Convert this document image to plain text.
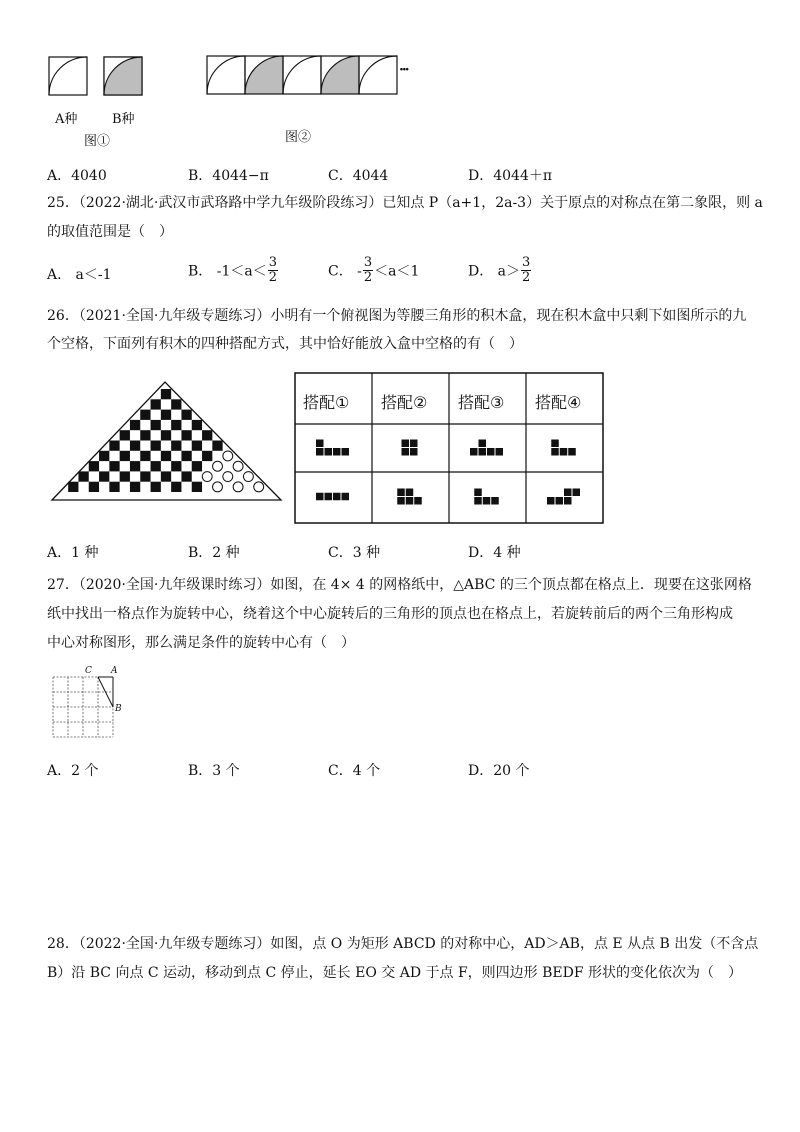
A种	B种
图①	图②
···
A．4040	B．4044−π	C．4044	D．4044＋π
25．（2022·湖北·武汉市武珞路中学九年级阶段练习）已知点 P（a+1，2a-3）关于原点的对称点在第二象限，则 a
的取值范围是（　）
A． a＜-1	B． $-1<a< \frac{3}{2}$	C． - $\frac{3}{2} <a<1$	D． $a> \frac{3}{2}$
26．（2021·全国·九年级专题练习）小明有一个俯视图为等腰三角形的积木盒，现在积木盒中只剩下如图所示的九
个空格，下面列有积木的四种搭配方式，其中恰好能放入盒中空格的有（　）
搭配① 搭配② 搭配③ 搭配④
A．1 种	B．2 种	C．3 种	D．4 种
27．（2020·全国·九年级课时练习）如图，在 4× 4 的网格纸中，△ABC 的三个顶点都在格点上．现要在这张网格
纸中找出一格点作为旋转中心，绕着这个中心旋转后的三角形的顶点也在格点上，若旋转前后的两个三角形构成
中心对称图形，那么满足条件的旋转中心有（　）
C A
B
A．2 个	B．3 个	C．4 个	D．20 个
28．（2022·全国·九年级专题练习）如图，点 O 为矩形 ABCD 的对称中心，AD＞AB，点 E 从点 B 出发（不含点
B）沿 BC 向点 C 运动，移动到点 C 停止，延长 EO 交 AD 于点 F，则四边形 BEDF 形状的变化依次为（　）
